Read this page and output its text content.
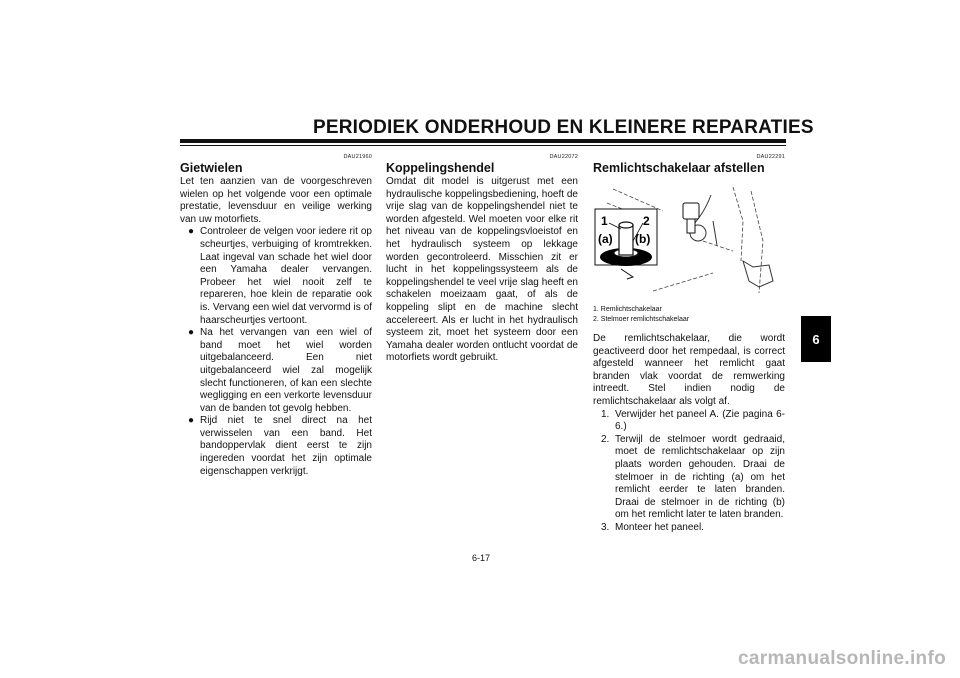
PERIODIEK ONDERHOUD EN KLEINERE REPARATIES
DAU21960
Gietwielen

Let ten aanzien van de voorgeschreven wielen op het volgende voor een optimale prestatie, levensduur en veilige werking van uw motorfiets.

● Controleer de velgen voor iedere rit op scheurtjes, verbuiging of kromtrekken. Laat ingeval van schade het wiel door een Yamaha dealer vervangen. Probeer het wiel nooit zelf te repareren, hoe klein de reparatie ook is. Vervang een wiel dat vervormd is of haarscheurtjes vertoont.
● Na het vervangen van een wiel of band moet het wiel worden uitgebalanceerd. Een niet uitgebalanceerd wiel zal mogelijk slecht functioneren, of kan een slechte wegligging en een verkorte levensduur van de banden tot gevolg hebben.
● Rijd niet te snel direct na het verwisselen van een band. Het bandoppervlak dient eerst te zijn ingereden voordat het zijn optimale eigenschappen verkrijgt.
DAU22072
Koppelingshendel

Omdat dit model is uitgerust met een hydraulische koppelingsbediening, hoeft de vrije slag van de koppelingshendel niet te worden afgesteld. Wel moeten voor elke rit het niveau van de koppelingsvloeistof en het hydraulisch systeem op lekkage worden gecontroleerd. Misschien zit er lucht in het koppelingssysteem als de koppelingshendel te veel vrije slag heeft en schakelen moeizaam gaat, of als de koppeling slipt en de machine slecht accelereert. Als er lucht in het hydraulisch systeem zit, moet het systeem door een Yamaha dealer worden ontlucht voordat de motorfiets wordt gebruikt.

DAU22291
Remlichtschakelaar afstellen
1	2
(a) (b)
1. Remlichtschakelaar
2. Stelmoer remlichtschakelaar

De remlichtschakelaar, die wordt geactiveerd door het rempedaal, is correct afgesteld wanneer het remlicht gaat branden vlak voordat de remwerking intreedt. Stel indien nodig de remlichtschakelaar als volgt af.

1. Verwijder het paneel A. (Zie pagina 6-6.)
2. Terwijl de stelmoer wordt gedraaid, moet de remlichtschakelaar op zijn plaats worden gehouden. Draai de stelmoer in de richting (a) om het remlicht eerder te laten branden. Draai de stelmoer in de richting (b) om het remlicht later te laten branden.
3. Monteer het paneel.
6
6-17
carmanualsonline.info
